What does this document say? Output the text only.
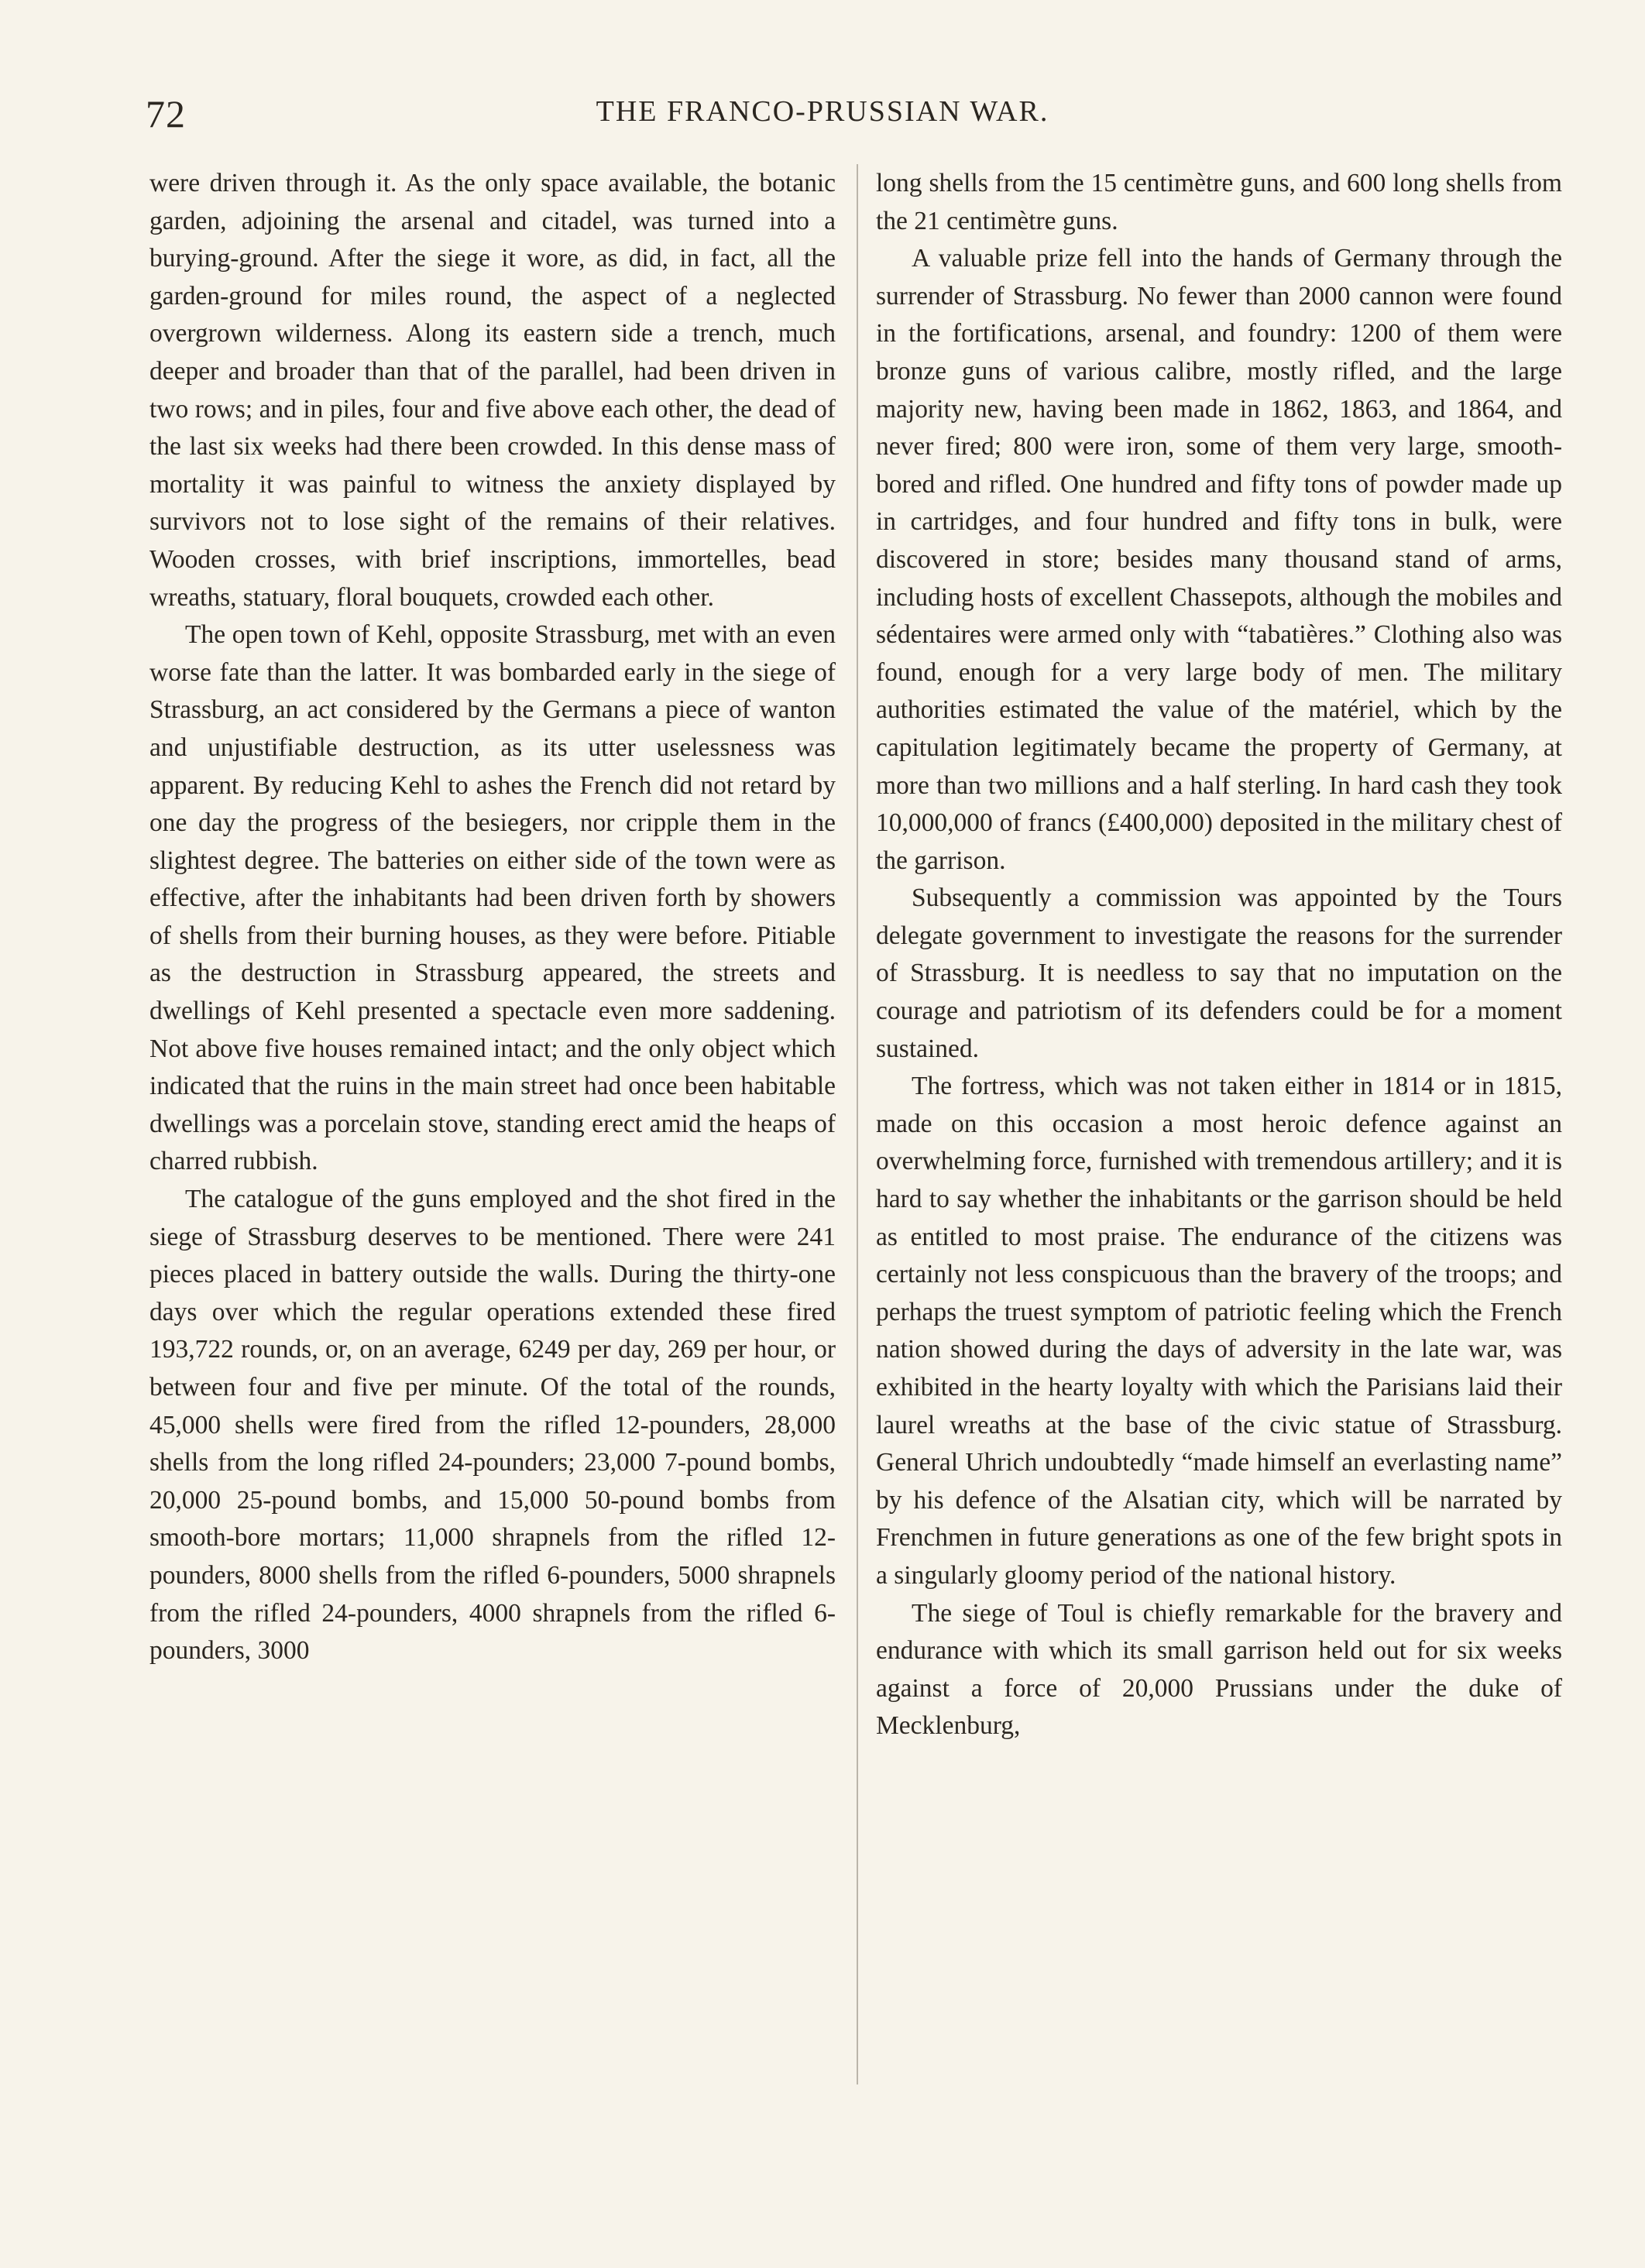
72	THE FRANCO-PRUSSIAN WAR.

were driven through it. As the only space available, the botanic garden, adjoining the arsenal and citadel, was turned into a burying-ground. After the siege it wore, as did, in fact, all the garden-ground for miles round, the aspect of a neglected overgrown wilderness. Along its eastern side a trench, much deeper and broader than that of the parallel, had been driven in two rows; and in piles, four and five above each other, the dead of the last six weeks had there been crowded. In this dense mass of mortality it was painful to witness the anxiety displayed by survivors not to lose sight of the remains of their relatives. Wooden crosses, with brief inscriptions, immortelles, bead wreaths, statuary, floral bouquets, crowded each other.

The open town of Kehl, opposite Strassburg, met with an even worse fate than the latter. It was bombarded early in the siege of Strassburg, an act considered by the Germans a piece of wanton and unjustifiable destruction, as its utter uselessness was apparent. By reducing Kehl to ashes the French did not retard by one day the progress of the besiegers, nor cripple them in the slightest degree. The batteries on either side of the town were as effective, after the inhabitants had been driven forth by showers of shells from their burning houses, as they were before. Pitiable as the destruction in Strassburg appeared, the streets and dwellings of Kehl presented a spectacle even more saddening. Not above five houses remained intact; and the only object which indicated that the ruins in the main street had once been habitable dwellings was a porcelain stove, standing erect amid the heaps of charred rubbish.

The catalogue of the guns employed and the shot fired in the siege of Strassburg deserves to be mentioned. There were 241 pieces placed in battery outside the walls. During the thirty-one days over which the regular operations extended these fired 193,722 rounds, or, on an average, 6249 per day, 269 per hour, or between four and five per minute. Of the total of the rounds, 45,000 shells were fired from the rifled 12-pounders, 28,000 shells from the long rifled 24-pounders; 23,000 7-pound bombs, 20,000 25-pound bombs, and 15,000 50-pound bombs from smooth-bore mortars; 11,000 shrapnels from the rifled 12-pounders, 8000 shells from the rifled 6-pounders, 5000 shrapnels from the rifled 24-pounders, 4000 shrapnels from the rifled 6-pounders, 3000

long shells from the 15 centimètre guns, and 600 long shells from the 21 centimètre guns.

A valuable prize fell into the hands of Germany through the surrender of Strassburg. No fewer than 2000 cannon were found in the fortifications, arsenal, and foundry: 1200 of them were bronze guns of various calibre, mostly rifled, and the large majority new, having been made in 1862, 1863, and 1864, and never fired; 800 were iron, some of them very large, smooth-bored and rifled. One hundred and fifty tons of powder made up in cartridges, and four hundred and fifty tons in bulk, were discovered in store; besides many thousand stand of arms, including hosts of excellent Chassepots, although the mobiles and sédentaires were armed only with “tabatières.” Clothing also was found, enough for a very large body of men. The military authorities estimated the value of the matériel, which by the capitulation legitimately became the property of Germany, at more than two millions and a half sterling. In hard cash they took 10,000,000 of francs (£400,000) deposited in the military chest of the garrison.

Subsequently a commission was appointed by the Tours delegate government to investigate the reasons for the surrender of Strassburg. It is needless to say that no imputation on the courage and patriotism of its defenders could be for a moment sustained.

The fortress, which was not taken either in 1814 or in 1815, made on this occasion a most heroic defence against an overwhelming force, furnished with tremendous artillery; and it is hard to say whether the inhabitants or the garrison should be held as entitled to most praise. The endurance of the citizens was certainly not less conspicuous than the bravery of the troops; and perhaps the truest symptom of patriotic feeling which the French nation showed during the days of adversity in the late war, was exhibited in the hearty loyalty with which the Parisians laid their laurel wreaths at the base of the civic statue of Strassburg. General Uhrich undoubtedly “made himself an everlasting name” by his defence of the Alsatian city, which will be narrated by Frenchmen in future generations as one of the few bright spots in a singularly gloomy period of the national history.

The siege of Toul is chiefly remarkable for the bravery and endurance with which its small garrison held out for six weeks against a force of 20,000 Prussians under the duke of Mecklenburg,
